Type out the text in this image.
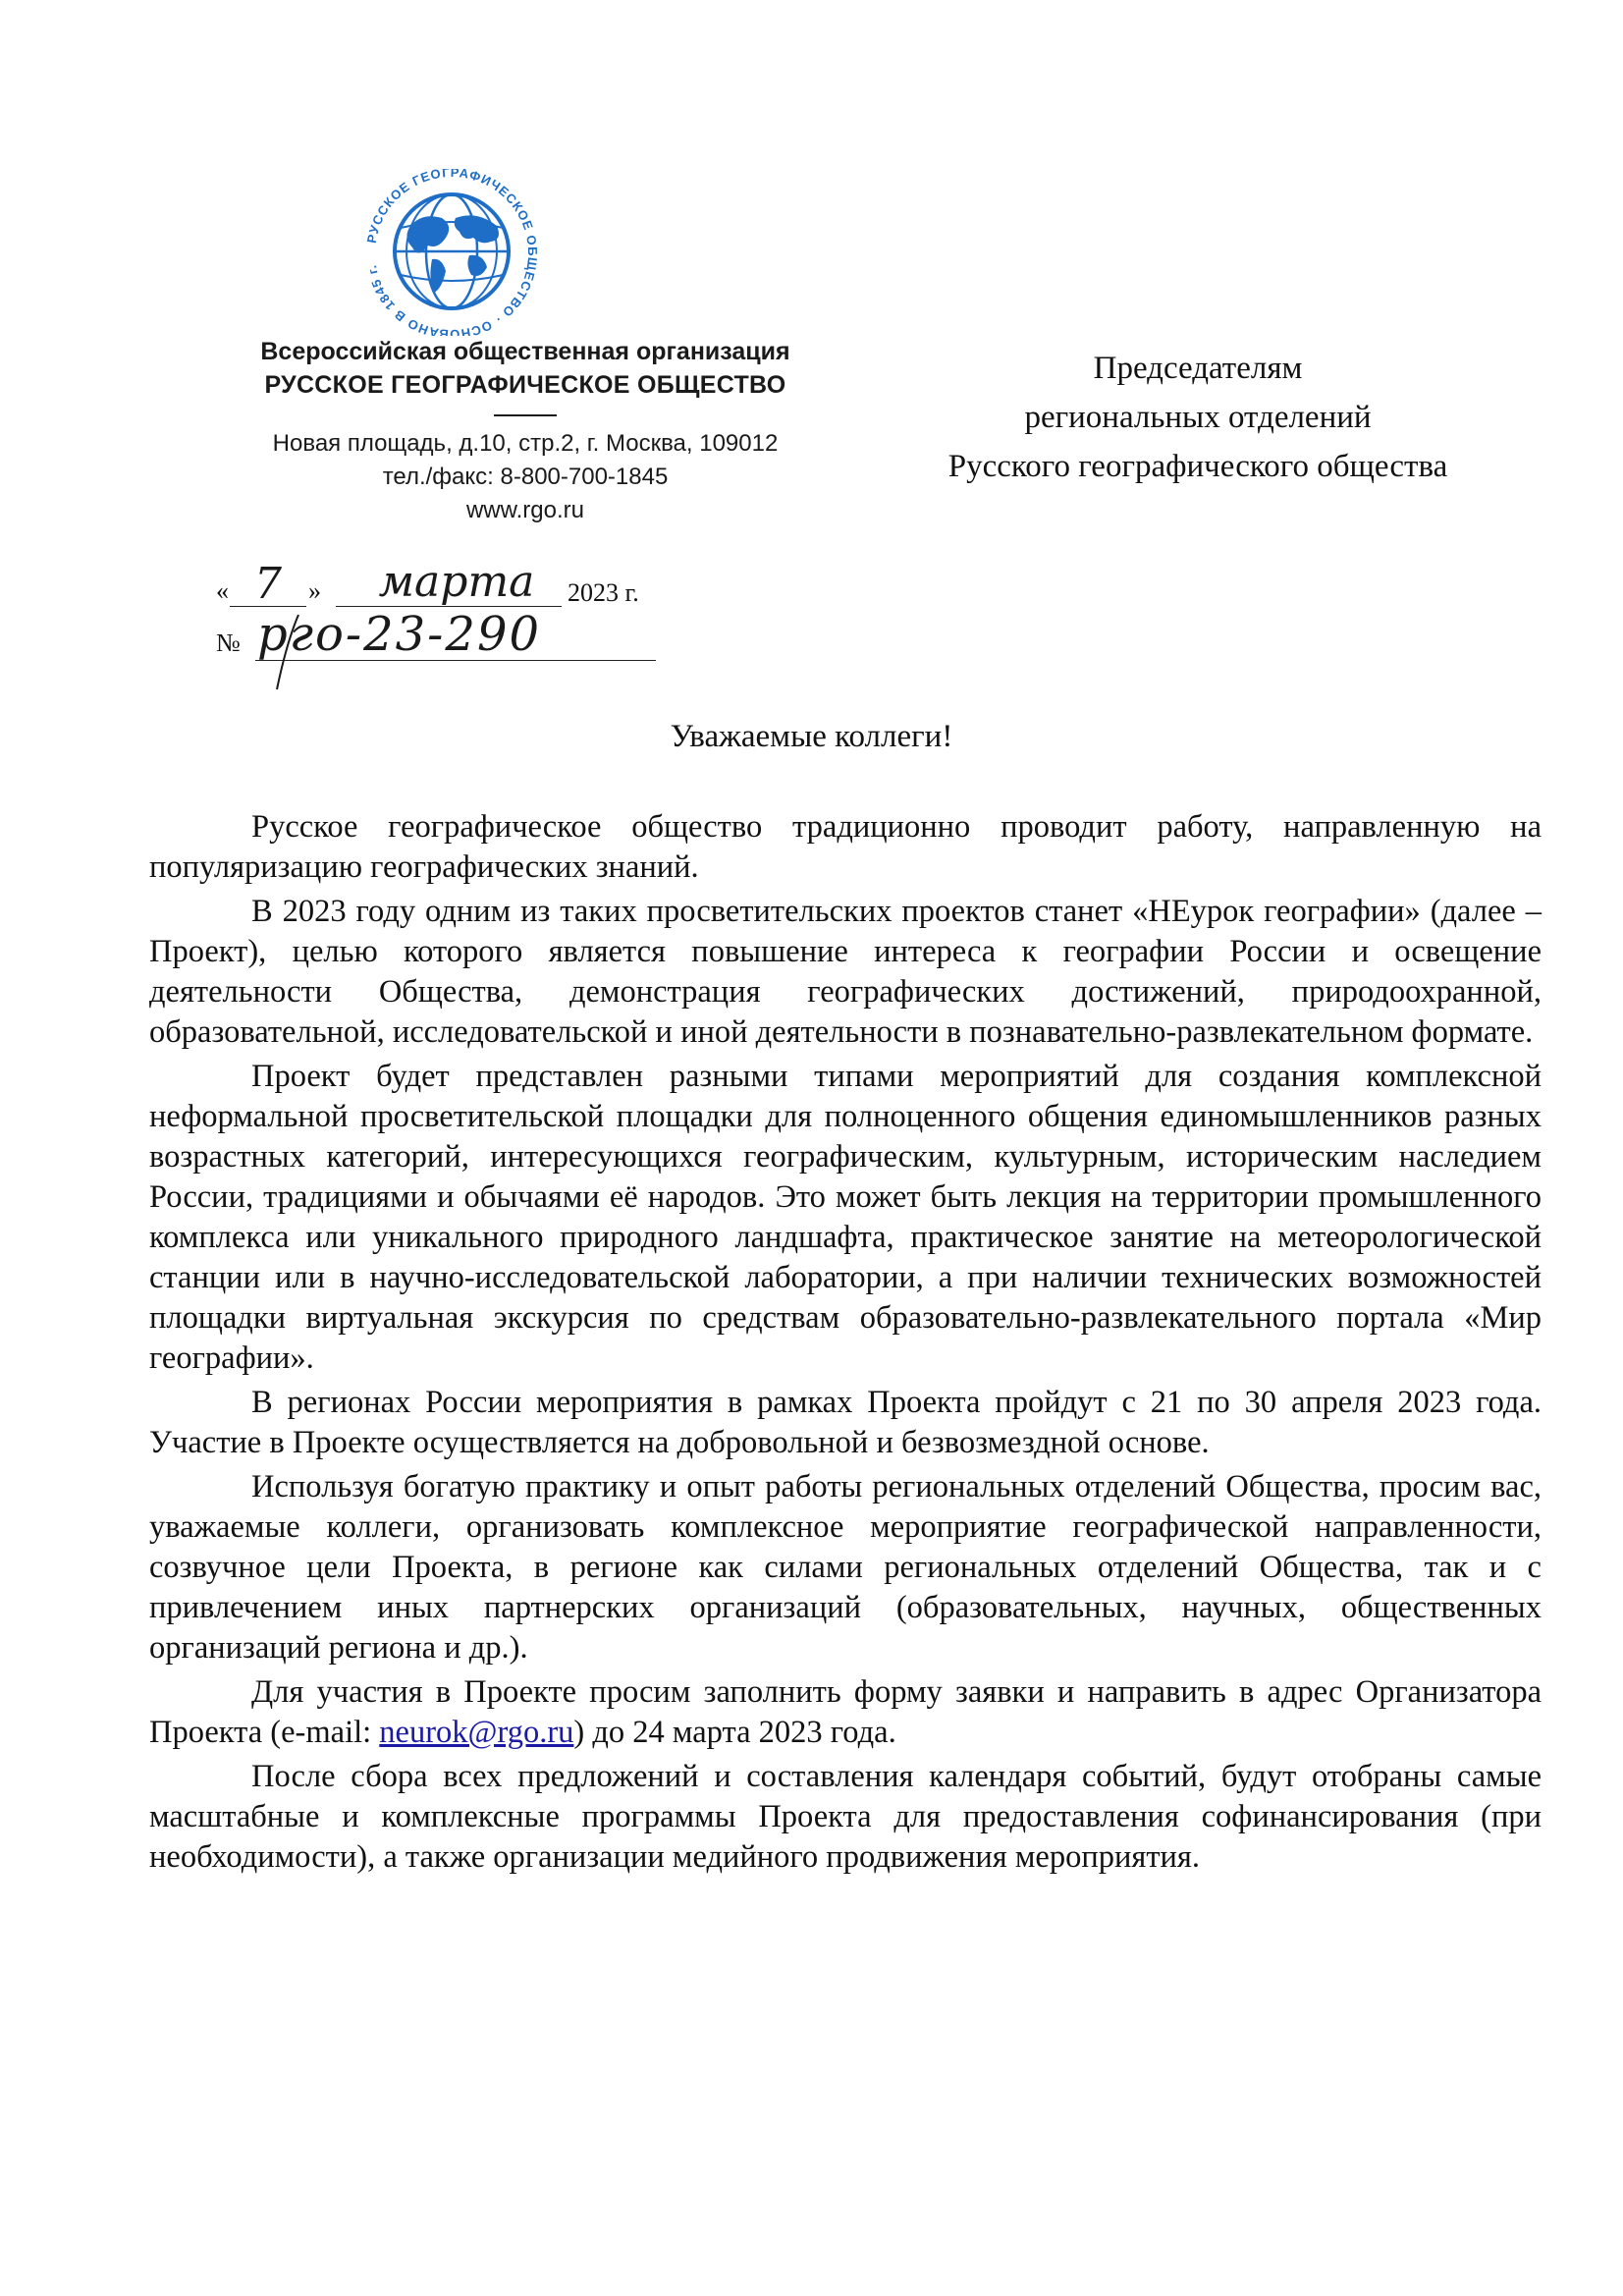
РУССКОЕ ГЕОГРАФИЧЕСКОЕ ОБЩЕСТВО · ОСНОВАНО В 1845 г.
Всероссийская общественная организация
РУССКОЕ ГЕОГРАФИЧЕСКОЕ ОБЩЕСТВО
Новая площадь, д.10, стр.2, г. Москва, 109012
тел./факс: 8-800-700-1845
www.rgo.ru
« 7	»	марта	2023 г.
№ рго-23-290
Председателям
региональных отделений
Русского географического общества
Уважаемые коллеги!

Русское географическое общество традиционно проводит работу, направленную на популяризацию географических знаний.

В 2023 году одним из таких просветительских проектов станет «НЕурок географии» (далее – Проект), целью которого является повышение интереса к географии России и освещение деятельности Общества, демонстрация географических достижений, природоохранной, образовательной, исследовательской и иной деятельности в познавательно-развлекательном формате.

Проект будет представлен разными типами мероприятий для создания комплексной неформальной просветительской площадки для полноценного общения единомышленников разных возрастных категорий, интересующихся географическим, культурным, историческим наследием России, традициями и обычаями её народов. Это может быть лекция на территории промышленного комплекса или уникального природного ландшафта, практическое занятие на метеорологической станции или в научно-исследовательской лаборатории, а при наличии технических возможностей площадки виртуальная экскурсия по средствам образовательно-развлекательного портала «Мир географии».

В регионах России мероприятия в рамках Проекта пройдут с 21 по 30 апреля 2023 года. Участие в Проекте осуществляется на добровольной и безвозмездной основе.

Используя богатую практику и опыт работы региональных отделений Общества, просим вас, уважаемые коллеги, организовать комплексное мероприятие географической направленности, созвучное цели Проекта, в регионе как силами региональных отделений Общества, так и с привлечением иных партнерских организаций (образовательных, научных, общественных организаций региона и др.).

Для участия в Проекте просим заполнить форму заявки и направить в адрес Организатора Проекта (e-mail: neurok@rgo.ru) до 24 марта 2023 года.

После сбора всех предложений и составления календаря событий, будут отобраны самые масштабные и комплексные программы Проекта для предоставления софинансирования (при необходимости), а также организации медийного продвижения мероприятия.
